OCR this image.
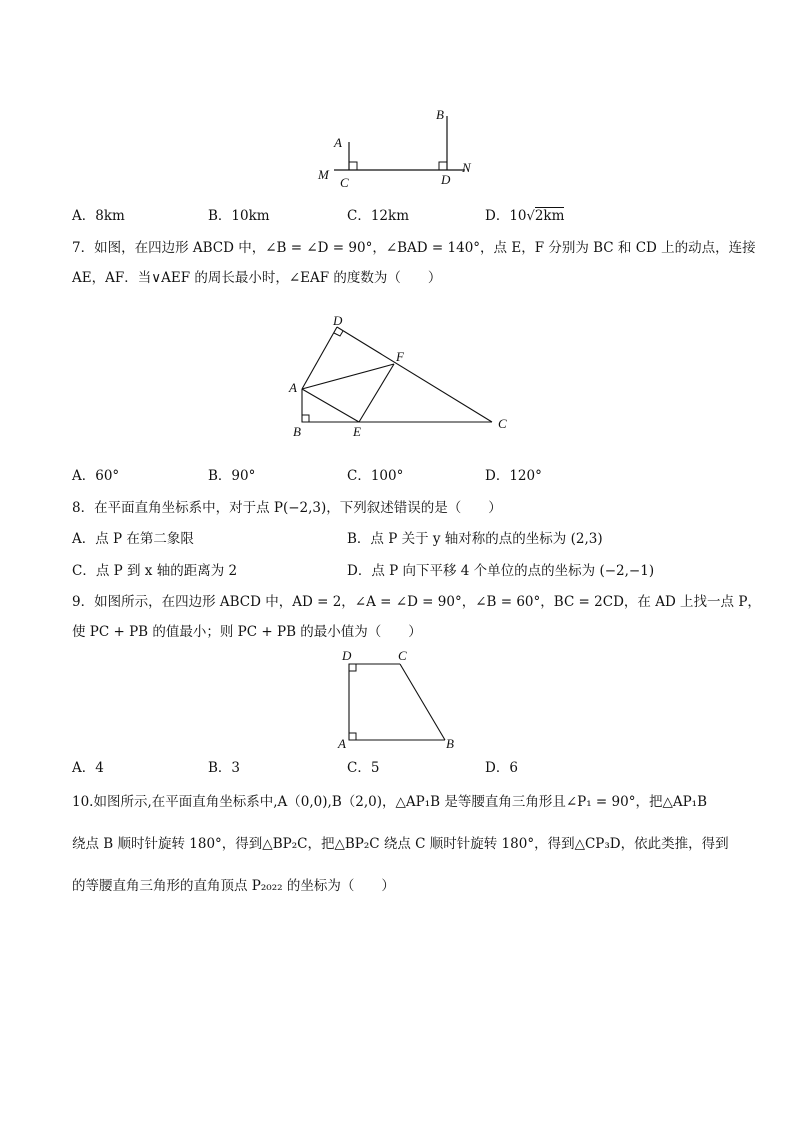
A
B
M
C	D
N
A．8km	B．10km	C．12km	D．10√2km
7．如图，在四边形 ABCD 中，∠B = ∠D = 90°，∠BAD = 140°，点 E，F 分别为 BC 和 CD 上的动点，连接
AE，AF．当∨AEF 的周长最小时，∠EAF 的度数为（　　）
D
F
A
B	E
C
A．60°	B．90°	C．100°	D．120°
8．在平面直角坐标系中，对于点 P(−2,3)，下列叙述错误的是（　　）
A．点 P 在第二象限	B．点 P 关于 y 轴对称的点的坐标为 (2,3)
C．点 P 到 x 轴的距离为 2	D．点 P 向下平移 4 个单位的点的坐标为 (−2,−1)
9．如图所示，在四边形 ABCD 中，AD = 2，∠A = ∠D = 90°，∠B = 60°，BC = 2CD，在 AD 上找一点 P，
使 PC + PB 的值最小；则 PC + PB 的最小值为（　　）
D	C
A	B
A．4	B．3	C．5	D．6
10.如图所示,在平面直角坐标系中,A（0,0),B（2,0)，△AP₁B 是等腰直角三角形且∠P₁ = 90°，把△AP₁B
绕点 B 顺时针旋转 180°，得到△BP₂C，把△BP₂C 绕点 C 顺时针旋转 180°，得到△CP₃D，依此类推，得到
的等腰直角三角形的直角顶点 P₂₀₂₂ 的坐标为（　　）
